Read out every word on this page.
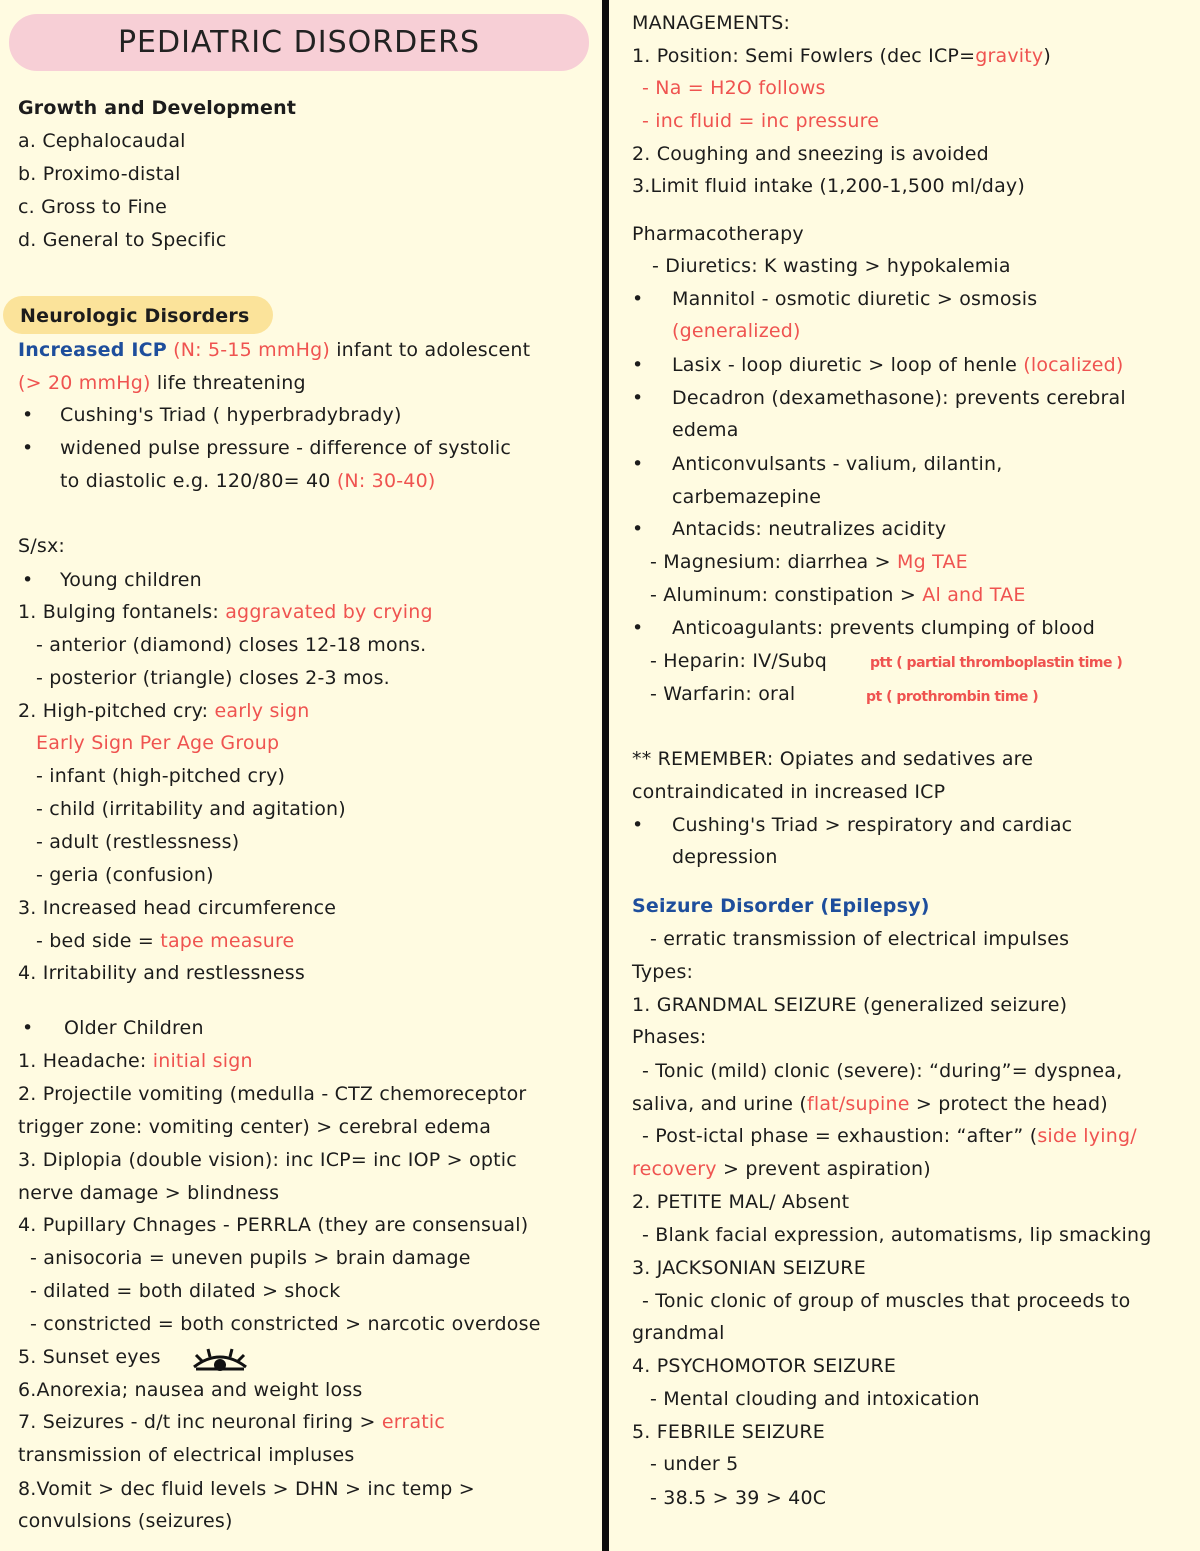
PEDIATRIC DISORDERS
Growth and Development
a. Cephalocaudal
b. Proximo-distal
c. Gross to Fine
d. General to Specific
Neurologic Disorders
Increased ICP (N: 5-15 mmHg) infant to adolescent
(> 20 mmHg) life threatening
• Cushing's Triad ( hyperbradybrady)
• widened pulse pressure - difference of systolic
to diastolic e.g. 120/80= 40 (N: 30-40)
S/sx:
• Young children
1. Bulging fontanels: aggravated by crying
- anterior (diamond) closes 12-18 mons.
- posterior (triangle) closes 2-3 mos.
2. High-pitched cry: early sign
Early Sign Per Age Group
- infant (high-pitched cry)
- child (irritability and agitation)
- adult (restlessness)
- geria (confusion)
3. Increased head circumference
- bed side = tape measure
4. Irritability and restlessness
• Older Children
1. Headache: initial sign
2. Projectile vomiting (medulla - CTZ chemoreceptor
trigger zone: vomiting center) > cerebral edema
3. Diplopia (double vision): inc ICP= inc IOP > optic
nerve damage > blindness
4. Pupillary Chnages - PERRLA (they are consensual)
- anisocoria = uneven pupils > brain damage
- dilated = both dilated > shock
- constricted = both constricted > narcotic overdose
5. Sunset eyes
6.Anorexia; nausea and weight loss
7. Seizures - d/t inc neuronal firing > erratic
transmission of electrical impluses
8.Vomit > dec fluid levels > DHN > inc temp >
convulsions (seizures)
MANAGEMENTS:
1. Position: Semi Fowlers (dec ICP=gravity)
- Na = H2O follows
- inc fluid = inc pressure
2. Coughing and sneezing is avoided
3.Limit fluid intake (1,200-1,500 ml/day)
Pharmacotherapy
- Diuretics: K wasting > hypokalemia
• Mannitol - osmotic diuretic > osmosis
(generalized)
• Lasix - loop diuretic > loop of henle (localized)
• Decadron (dexamethasone): prevents cerebral
edema
• Anticonvulsants - valium, dilantin,
carbemazepine
• Antacids: neutralizes acidity
- Magnesium: diarrhea > Mg TAE
- Aluminum: constipation > Al and TAE
• Anticoagulants: prevents clumping of blood
- Heparin: IV/Subq	ptt ( partial thromboplastin time )
- Warfarin: oral	pt ( prothrombin time )
** REMEMBER: Opiates and sedatives are
contraindicated in increased ICP
• Cushing's Triad > respiratory and cardiac
depression
Seizure Disorder (Epilepsy)
- erratic transmission of electrical impulses
Types:
1. GRANDMAL SEIZURE (generalized seizure)
Phases:
- Tonic (mild) clonic (severe): “during”= dyspnea,
saliva, and urine (flat/supine > protect the head)
- Post-ictal phase = exhaustion: “after” (side lying/
recovery > prevent aspiration)
2. PETITE MAL/ Absent
- Blank facial expression, automatisms, lip smacking
3. JACKSONIAN SEIZURE
- Tonic clonic of group of muscles that proceeds to
grandmal
4. PSYCHOMOTOR SEIZURE
- Mental clouding and intoxication
5. FEBRILE SEIZURE
- under 5
- 38.5 > 39 > 40C
